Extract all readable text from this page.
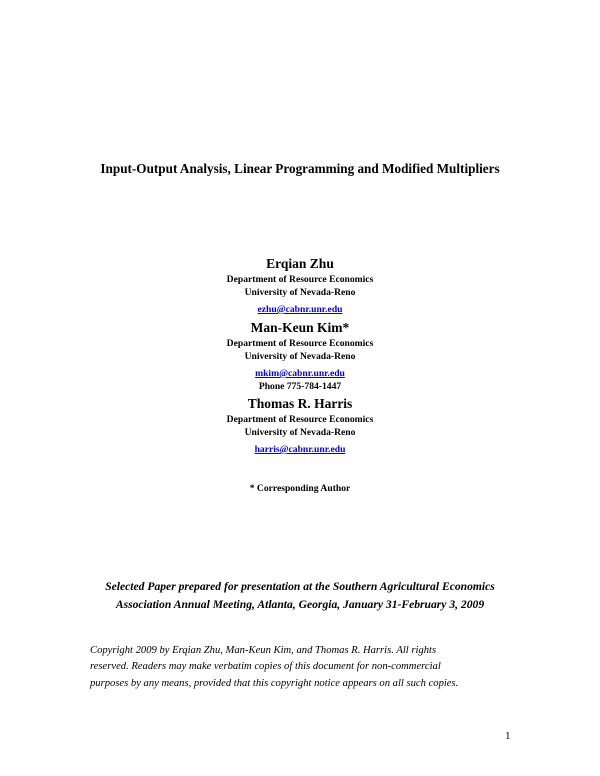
Input-Output Analysis, Linear Programming and Modified Multipliers
Erqian Zhu
Department of Resource Economics
University of Nevada-Reno
ezhu@cabnr.unr.edu
Man-Keun Kim*
Department of Resource Economics
University of Nevada-Reno
mkim@cabnr.unr.edu
Phone 775-784-1447
Thomas R. Harris
Department of Resource Economics
University of Nevada-Reno
harris@cabnr.unr.edu
* Corresponding Author
Selected Paper prepared for presentation at the Southern Agricultural Economics
Association Annual Meeting, Atlanta, Georgia, January 31-February 3, 2009
Copyright 2009 by Erqian Zhu, Man-Keun Kim, and Thomas R. Harris. All rights
reserved. Readers may make verbatim copies of this document for non-commercial
purposes by any means, provided that this copyright notice appears on all such copies.
1
